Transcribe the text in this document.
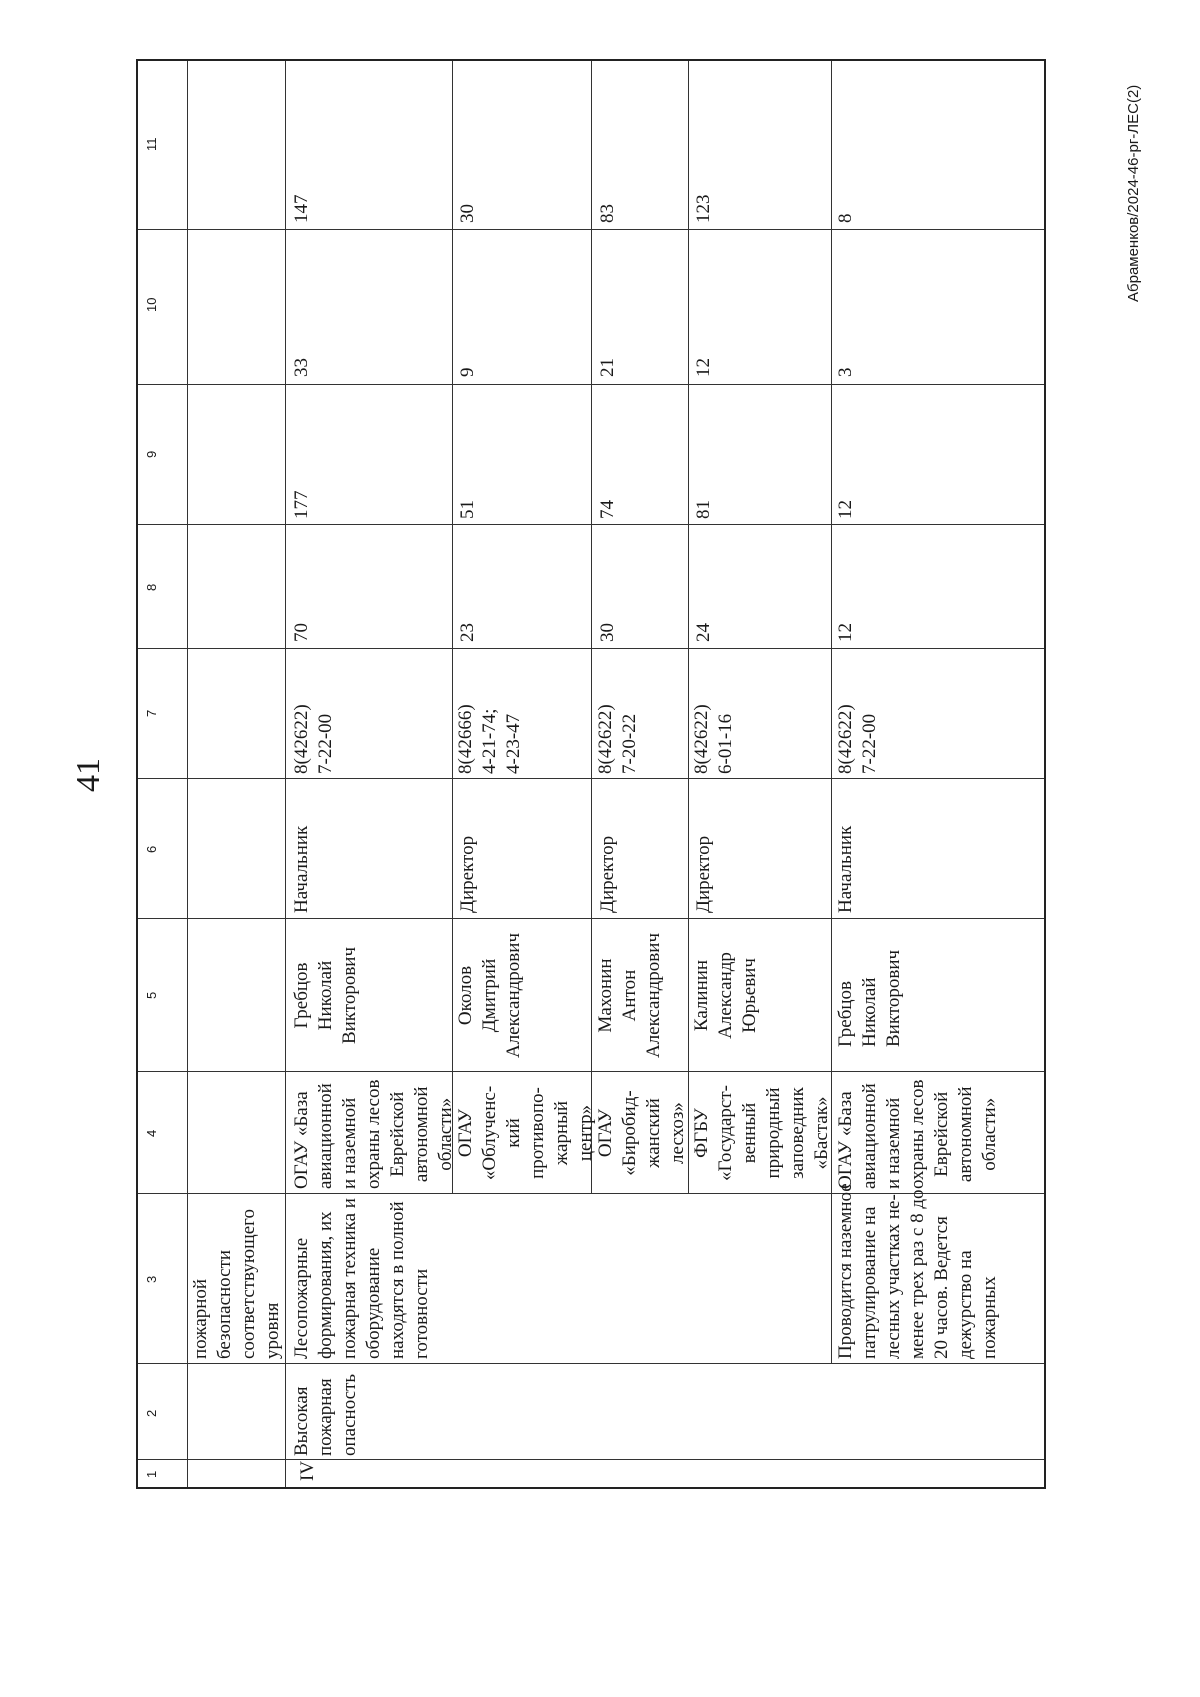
41
Абраменков/2024-46-рг-ЛЕС(2)
1
2
3
4
5
6
7
8
9
10
11
пожарной безопасности соответствующего уровня
IV
Высокая пожарная опасность
Лесопожарные формирования, их пожарная техника и оборудование находятся в полной готовности
ОГАУ «База авиационной и наземной охраны лесов Еврейской автономной области»
Гребцов Николай Викторович
Начальник
8(42622) 7-22-00
70
177
33
147
ОГАУ «Облученс- кий противопо- жарный центр»
Околов Дмитрий Александрович
Директор
8(42666) 4-21-74; 4-23-47
23
51
9
30
ОГАУ «Биробид- жанский лесхоз»
Махонин Антон Александрович
Директор
8(42622) 7-20-22
30
74
21
83
ФГБУ «Государст- венный природный заповедник «Бастак»
Калинин Александр Юрьевич
Директор
8(42622) 6-01-16
24
81
12
123
Проводится наземное патрулирование на лесных участках не- менее трех раз с 8 до 20 часов. Ведется дежурство на пожарных
ОГАУ «База авиационной и наземной охраны лесов Еврейской автономной области»
Гребцов Николай Викторович
Начальник
8(42622) 7-22-00
12
12
3
8
